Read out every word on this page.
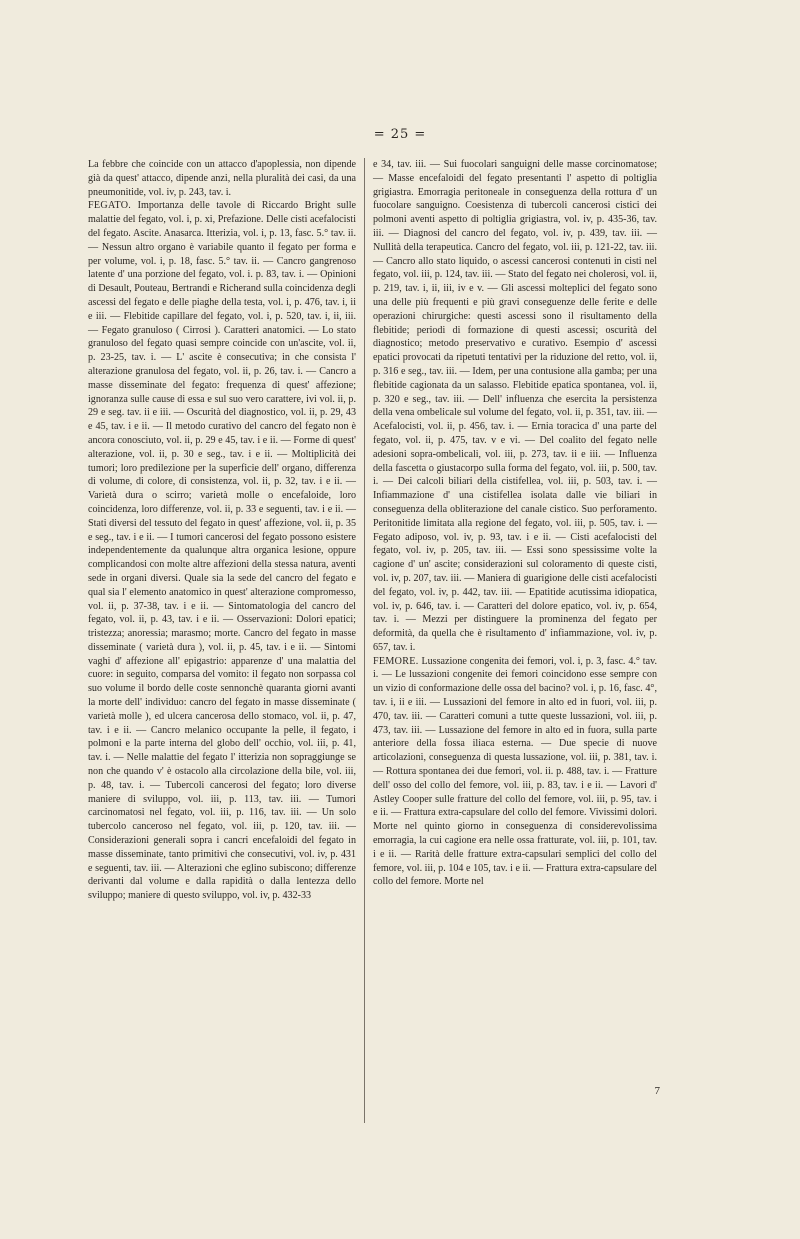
= 25 =

La febbre che coincide con un attacco d'apoplessia, non dipende già da quest' attacco, dipende anzi, nella pluralità dei casi, da una pneumonitide, vol. iv, p. 243, tav. i.

FEGATO. Importanza delle tavole di Riccardo Bright sulle malattie del fegato, vol. i, p. xi, Prefazione. Delle cisti acefalocisti del fegato. Ascite. Anasarca. Itterizia, vol. i, p. 13, fasc. 5.° tav. ii. — Nessun altro organo è variabile quanto il fegato per forma e per volume, vol. i, p. 18, fasc. 5.° tav. ii. — Cancro gangrenoso latente d' una porzione del fegato, vol. i. p. 83, tav. i. — Opinioni di Desault, Pouteau, Bertrandi e Richerand sulla coincidenza degli ascessi del fegato e delle piaghe della testa, vol. i, p. 476, tav. i, ii e iii. — Flebitide capillare del fegato, vol. i, p. 520, tav. i, ii, iii. — Fegato granuloso ( Cirrosi ). Caratteri anatomici. — Lo stato granuloso del fegato quasi sempre coincide con un'ascite, vol. ii, p. 23-25, tav. i. — L' ascite è consecutiva; in che consista l' alterazione granulosa del fegato, vol. ii, p. 26, tav. i. — Cancro a masse disseminate del fegato: frequenza di quest' affezione; ignoranza sulle cause di essa e sul suo vero carattere, ivi vol. ii, p. 29 e seg. tav. ii e iii. — Oscurità del diagnostico, vol. ii, p. 29, 43 e 45, tav. i e ii. — Il metodo curativo del cancro del fegato non è ancora conosciuto, vol. ii, p. 29 e 45, tav. i e ii. — Forme di quest' alterazione, vol. ii, p. 30 e seg., tav. i e ii. — Moltiplicità dei tumori; loro predilezione per la superficie dell' organo, differenza di volume, di colore, di consistenza, vol. ii, p. 32, tav. i e ii. — Varietà dura o scirro; varietà molle o encefaloide, loro coincidenza, loro differenze, vol. ii, p. 33 e seguenti, tav. i e ii. — Stati diversi del tessuto del fegato in quest' affezione, vol. ii, p. 35 e seg., tav. i e ii. — I tumori cancerosi del fegato possono esistere independentemente da qualunque altra organica lesione, oppure complicandosi con molte altre affezioni della stessa natura, aventi sede in organi diversi. Quale sia la sede del cancro del fegato e qual sia l' elemento anatomico in quest' alterazione compromesso, vol. ii, p. 37-38, tav. i e ii. — Sintomatologia del cancro del fegato, vol. ii, p. 43, tav. i e ii. — Osservazioni: Dolori epatici; tristezza; anoressia; marasmo; morte. Cancro del fegato in masse disseminate ( varietà dura ), vol. ii, p. 45, tav. i e ii. — Sintomi vaghi d' affezione all' epigastrio: apparenze d' una malattia del cuore: in seguito, comparsa del vomito: il fegato non sorpassa col suo volume il bordo delle coste sennonchè quaranta giorni avanti la morte dell' individuo: cancro del fegato in masse disseminate ( varietà molle ), ed ulcera cancerosa dello stomaco, vol. ii, p. 47, tav. i e ii. — Cancro melanico occupante la pelle, il fegato, i polmoni e la parte interna del globo dell' occhio, vol. iii, p. 41, tav. i. — Nelle malattie del fegato l' itterizia non sopraggiunge se non che quando v' è ostacolo alla circolazione della bile, vol. iii, p. 48, tav. i. — Tubercoli cancerosi del fegato; loro diverse maniere di sviluppo, vol. iii, p. 113, tav. iii. — Tumori carcinomatosi nel fegato, vol. iii, p. 116, tav. iii. — Un solo tubercolo canceroso nel fegato, vol. iii, p. 120, tav. iii. — Considerazioni generali sopra i cancri encefaloidi del fegato in masse disseminate, tanto primitivi che consecutivi, vol. iv, p. 431 e seguenti, tav. iii. — Alterazioni che eglino subiscono; differenze derivanti dal volume e dalla rapidità o dalla lentezza dello sviluppo; maniere di questo sviluppo, vol. iv, p. 432-33

e 34, tav. iii. — Sui fuocolari sanguigni delle masse corcinomatose; — Masse encefaloidi del fegato presentanti l' aspetto di poltiglia grigiastra. Emorragia peritoneale in conseguenza della rottura d' un fuocolare sanguigno. Coesistenza di tubercoli cancerosi cistici dei polmoni aventi aspetto di poltiglia grigiastra, vol. iv, p. 435-36, tav. iii. — Diagnosi del cancro del fegato, vol. iv, p. 439, tav. iii. — Nullità della terapeutica. Cancro del fegato, vol. iii, p. 121-22, tav. iii. — Cancro allo stato liquido, o ascessi cancerosi contenuti in cisti nel fegato, vol. iii, p. 124, tav. iii. — Stato del fegato nei cholerosi, vol. ii, p. 219, tav. i, ii, iii, iv e v. — Gli ascessi molteplici del fegato sono una delle più frequenti e più gravi conseguenze delle ferite e delle operazioni chirurgiche: questi ascessi sono il risultamento della flebitide; periodi di formazione di questi ascessi; oscurità del diagnostico; metodo preservativo e curativo. Esempio d' ascessi epatici provocati da ripetuti tentativi per la riduzione del retto, vol. ii, p. 316 e seg., tav. iii. — Idem, per una contusione alla gamba; per una flebitide cagionata da un salasso. Flebitide epatica spontanea, vol. ii, p. 320 e seg., tav. iii. — Dell' influenza che esercita la persistenza della vena ombelicale sul volume del fegato, vol. ii, p. 351, tav. iii. — Acefalocisti, vol. ii, p. 456, tav. i. — Ernia toracica d' una parte del fegato, vol. ii, p. 475, tav. v e vi. — Del coalito del fegato nelle adesioni sopra-ombelicali, vol. iii, p. 273, tav. ii e iii. — Influenza della fascetta o giustacorpo sulla forma del fegato, vol. iii, p. 500, tav. i. — Dei calcoli biliari della cistifellea, vol. iii, p. 503, tav. i. — Infiammazione d' una cistifellea isolata dalle vie biliari in conseguenza della obliterazione del canale cistico. Suo perforamento. Peritonitide limitata alla regione del fegato, vol. iii, p. 505, tav. i. — Fegato adiposo, vol. iv, p. 93, tav. i e ii. — Cisti acefalocisti del fegato, vol. iv, p. 205, tav. iii. — Essi sono spessissime volte la cagione d' un' ascite; considerazioni sul coloramento di queste cisti, vol. iv, p. 207, tav. iii. — Maniera di guarigione delle cisti acefalocisti del fegato, vol. iv, p. 442, tav. iii. — Epatitide acutissima idiopatica, vol. iv, p. 646, tav. i. — Caratteri del dolore epatico, vol. iv, p. 654, tav. i. — Mezzi per distinguere la prominenza del fegato per deformità, da quella che è risultamento d' infiammazione, vol. iv, p. 657, tav. i.

FEMORE. Lussazione congenita dei femori, vol. i, p. 3, fasc. 4.° tav. i. — Le lussazioni congenite dei femori coincidono esse sempre con un vizio di conformazione delle ossa del bacino? vol. i, p. 16, fasc. 4°, tav. i, ii e iii. — Lussazioni del femore in alto ed in fuori, vol. iii, p. 470, tav. iii. — Caratteri comuni a tutte queste lussazioni, vol. iii, p. 473, tav. iii. — Lussazione del femore in alto ed in fuora, sulla parte anteriore della fossa iliaca esterna. — Due specie di nuove articolazioni, conseguenza di questa lussazione, vol. iii, p. 381, tav. i. — Rottura spontanea dei due femori, vol. ii. p. 488, tav. i. — Fratture dell' osso del collo del femore, vol. iii, p. 83, tav. i e ii. — Lavori d' Astley Cooper sulle fratture del collo del femore, vol. iii, p. 95, tav. i e ii. — Frattura extra-capsulare del collo del femore. Vivissimi dolori. Morte nel quinto giorno in conseguenza di considerevolissima emorragia, la cui cagione era nelle ossa fratturate, vol. iii, p. 101, tav. i e ii. — Rarità delle fratture extra-capsulari semplici del collo del femore, vol. iii, p. 104 e 105, tav. i e ii. — Frattura extra-capsulare del collo del femore. Morte nel

7
